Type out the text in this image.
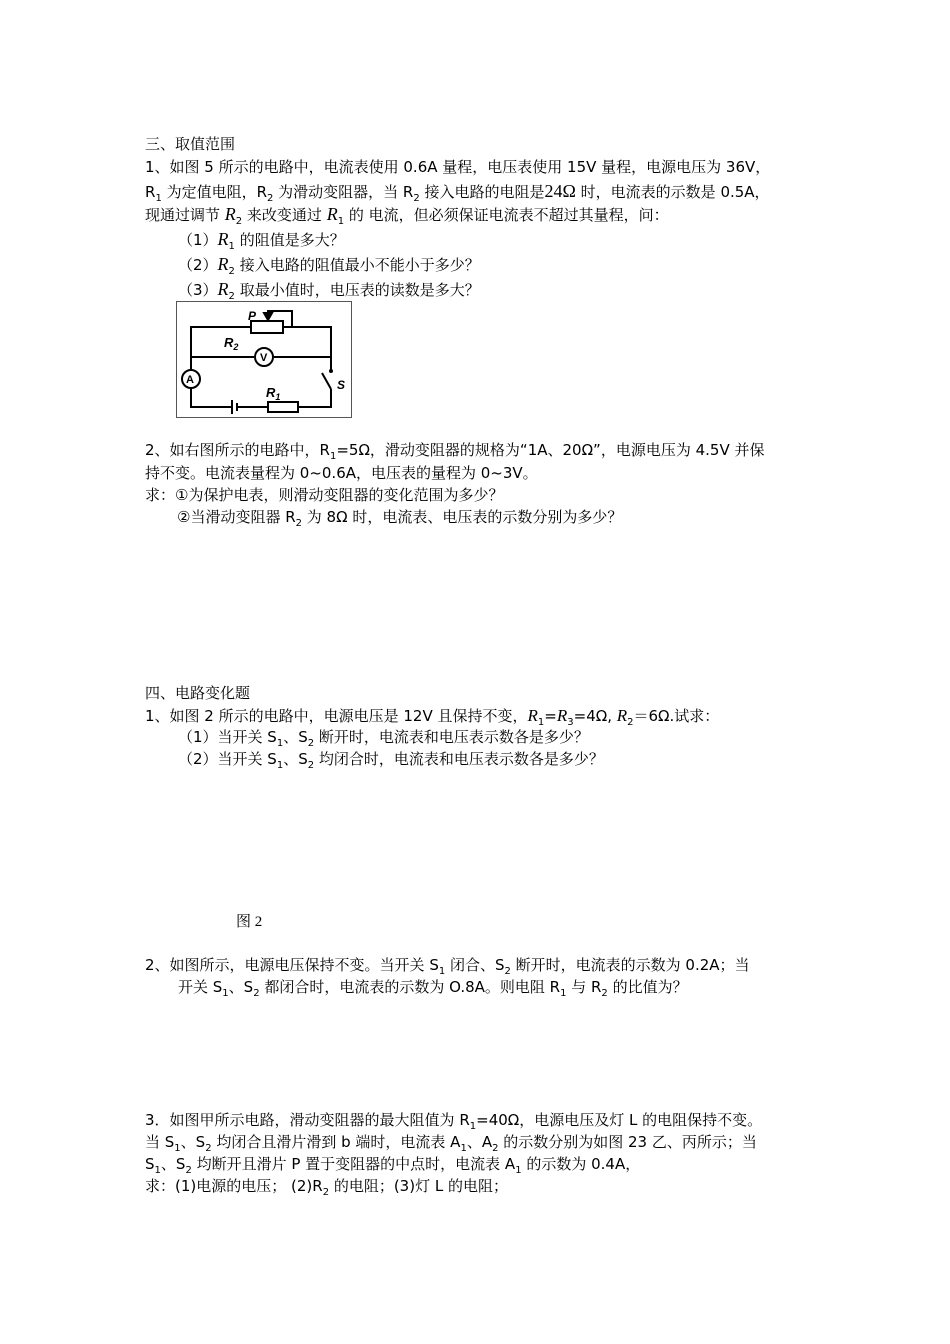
三、取值范围
1、如图 5 所示的电路中，电流表使用 0.6A 量程，电压表使用 15V 量程，电源电压为 36V，
$R_1$ 为定值电阻，$R_2$ 为滑动变阻器，当 $R_2$ 接入电路的电阻是24Ω 时，电流表的示数是 0.5A，
现通过调节 $R_2$ 来改变通过 $R_1$ 的 电流，但必须保证电流表不超过其量程，问：
$(1)R_1$ 的阻值是多大？
$(2)R_2$ 接入电路的阻值最小不能小于多少？
$(3)R_2$ 取最小值时，电压表的读数是多大？
P
$R_2$
V
A	S
$R_1$
2、如右图所示的电路中，$R_1=5\Omega$，滑动变阻器的规格为“1A、20Ω”，电源电压为 4.5V 并保
持不变。电流表量程为 0~0.6A，电压表的量程为 0~3V。
求：①为保护电表，则滑动变阻器的变化范围为多少？
②当滑动变阻器 $R_2$ 为 8Ω 时，电流表、电压表的示数分别为多少？
四、电路变化题
1、如图 2 所示的电路中，电源电压是 12V 且保持不变，$R_1=R_3=4\Omega$, $R_2=6\Omega$.试求：
（1）当开关 $S_1$、$S_2$ 断开时，电流表和电压表示数各是多少？
（2）当开关 $S_1$、$S_2$ 均闭合时，电流表和电压表示数各是多少？
图 2
2、如图所示，电源电压保持不变。当开关 $S_1$ 闭合、$S_2$ 断开时，电流表的示数为 0.2A；当
开关 $S_1$、$S_2$ 都闭合时，电流表的示数为 O.8A。则电阻 $R_1$ 与 $R_2$ 的比值为？
3．如图甲所示电路，滑动变阻器的最大阻值为 $R_1=40\Omega$，电源电压及灯 L 的电阻保持不变。
当 $S_1$、$S_2$ 均闭合且滑片滑到 b 端时，电流表 $A_1$、$A_2$ 的示数分别为如图 23 乙、丙所示；当
$S_1$、$S_2$ 均断开且滑片 P 置于变阻器的中点时，电流表 $A_1$ 的示数为 0.4A，
求：(1)电源的电压； $(2)R_2$ 的电阻；(3)灯 L 的电阻；
